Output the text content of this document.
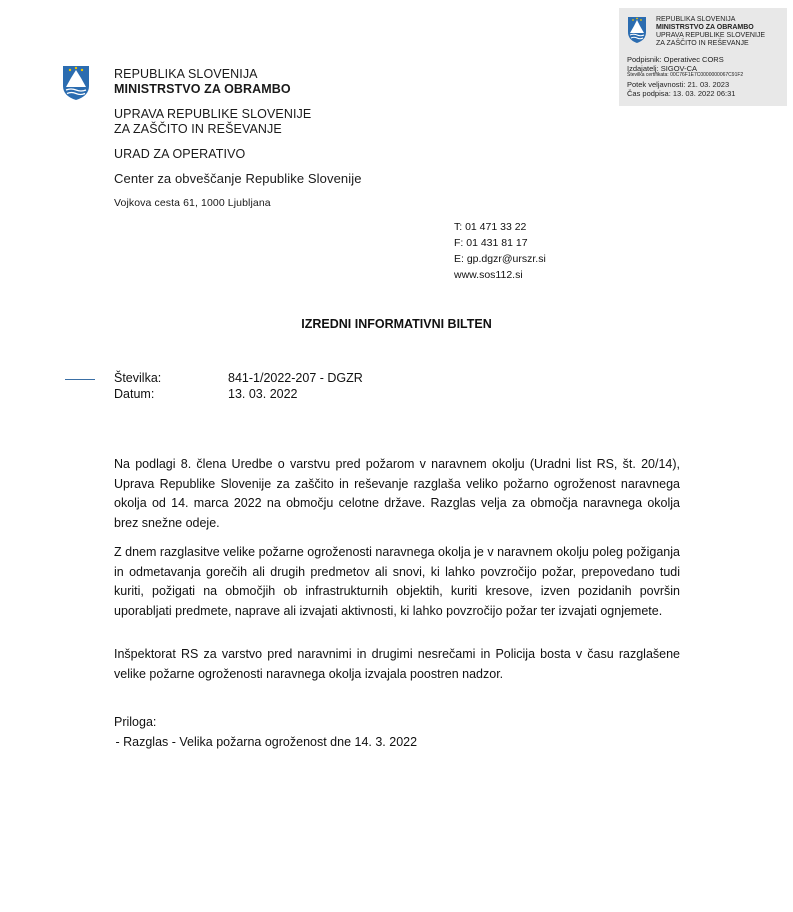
REPUBLIKA SLOVENIJA
MINISTRSTVO ZA OBRAMBO
UPRAVA REPUBLIKE SLOVENIJE
ZA ZAŠČITO IN REŠEVANJE
Podpisnik: Operativec CORS
Izdajatelj: SIGOV-CA
Številka certifikata: 00C76F1E7C0000000067C91F2
Potek veljavnosti: 21. 03. 2023
Čas podpisa: 13. 03. 2022 06:31
REPUBLIKA SLOVENIJA
MINISTRSTVO ZA OBRAMBO
UPRAVA REPUBLIKE SLOVENIJE
ZA ZAŠČITO IN REŠEVANJE
URAD ZA OPERATIVO
Center za obveščanje Republike Slovenije
Vojkova cesta 61, 1000 Ljubljana
T: 01 471 33 22
F: 01 431 81 17
E: gp.dgzr@urszr.si
www.sos112.si
IZREDNI INFORMATIVNI BILTEN
Številka:	841-1/2022-207 - DGZR
Datum:	13. 03. 2022

Na podlagi 8. člena Uredbe o varstvu pred požarom v naravnem okolju (Uradni list RS, št. 20/14), Uprava Republike Slovenije za zaščito in reševanje razglaša veliko požarno ogroženost naravnega okolja od 14. marca 2022 na območju celotne države. Razglas velja za območja naravnega okolja brez snežne odeje.

Z dnem razglasitve velike požarne ogroženosti naravnega okolja je v naravnem okolju poleg požiganja in odmetavanja gorečih ali drugih predmetov ali snovi, ki lahko povzročijo požar, prepovedano tudi kuriti, požigati na območjih ob infrastrukturnih objektih, kuriti kresove, izven pozidanih površin uporabljati predmete, naprave ali izvajati aktivnosti, ki lahko povzročijo požar ter izvajati ognjemete.

Inšpektorat RS za varstvo pred naravnimi in drugimi nesrečami in Policija bosta v času razglašene velike požarne ogroženosti naravnega okolja izvajala poostren nadzor.

Priloga:
- Razglas - Velika požarna ogroženost dne 14. 3. 2022
